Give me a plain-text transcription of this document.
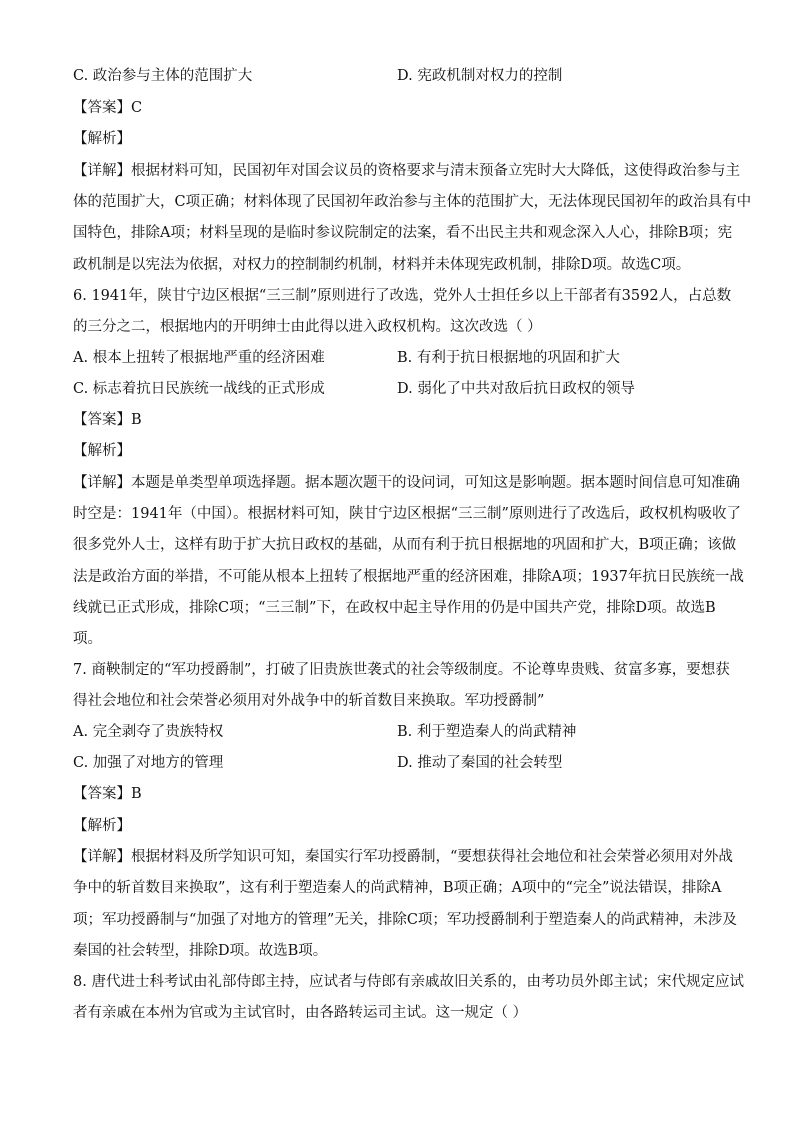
C. 政治参与主体的范围扩大	D. 宪政机制对权力的控制
【答案】C
【解析】
【详解】根据材料可知，民国初年对国会议员的资格要求与清末预备立宪时大大降低，这使得政治参与主
体的范围扩大，C项正确；材料体现了民国初年政治参与主体的范围扩大，无法体现民国初年的政治具有中
国特色，排除A项；材料呈现的是临时参议院制定的法案，看不出民主共和观念深入人心，排除B项；宪
政机制是以宪法为依据，对权力的控制制约机制，材料并未体现宪政机制，排除D项。故选C项。
6. 1941年，陕甘宁边区根据“三三制”原则进行了改选，党外人士担任乡以上干部者有3592人，占总数
的三分之二，根据地内的开明绅士由此得以进入政权机构。这次改选（ ）
A. 根本上扭转了根据地严重的经济困难	B. 有利于抗日根据地的巩固和扩大
C. 标志着抗日民族统一战线的正式形成	D. 弱化了中共对敌后抗日政权的领导
【答案】B
【解析】
【详解】本题是单类型单项选择题。据本题次题干的设问词，可知这是影响题。据本题时间信息可知准确
时空是：1941年（中国）。根据材料可知，陕甘宁边区根据“三三制”原则进行了改选后，政权机构吸收了
很多党外人士，这样有助于扩大抗日政权的基础，从而有利于抗日根据地的巩固和扩大，B项正确；该做
法是政治方面的举措，不可能从根本上扭转了根据地严重的经济困难，排除A项；1937年抗日民族统一战
线就已正式形成，排除C项；“三三制”下，在政权中起主导作用的仍是中国共产党，排除D项。故选B
项。
7. 商鞅制定的“军功授爵制”，打破了旧贵族世袭式的社会等级制度。不论尊卑贵贱、贫富多寡，要想获
得社会地位和社会荣誉必须用对外战争中的斩首数目来换取。军功授爵制”
A. 完全剥夺了贵族特权	B. 利于塑造秦人的尚武精神
C. 加强了对地方的管理	D. 推动了秦国的社会转型
【答案】B
【解析】
【详解】根据材料及所学知识可知，秦国实行军功授爵制，“要想获得社会地位和社会荣誉必须用对外战
争中的斩首数目来换取”，这有利于塑造秦人的尚武精神，B项正确；A项中的“完全”说法错误，排除A
项；军功授爵制与“加强了对地方的管理”无关，排除C项；军功授爵制利于塑造秦人的尚武精神，未涉及
秦国的社会转型，排除D项。故选B项。
8. 唐代进士科考试由礼部侍郎主持，应试者与侍郎有亲戚故旧关系的，由考功员外郎主试；宋代规定应试
者有亲戚在本州为官或为主试官时，由各路转运司主试。这一规定（ ）
